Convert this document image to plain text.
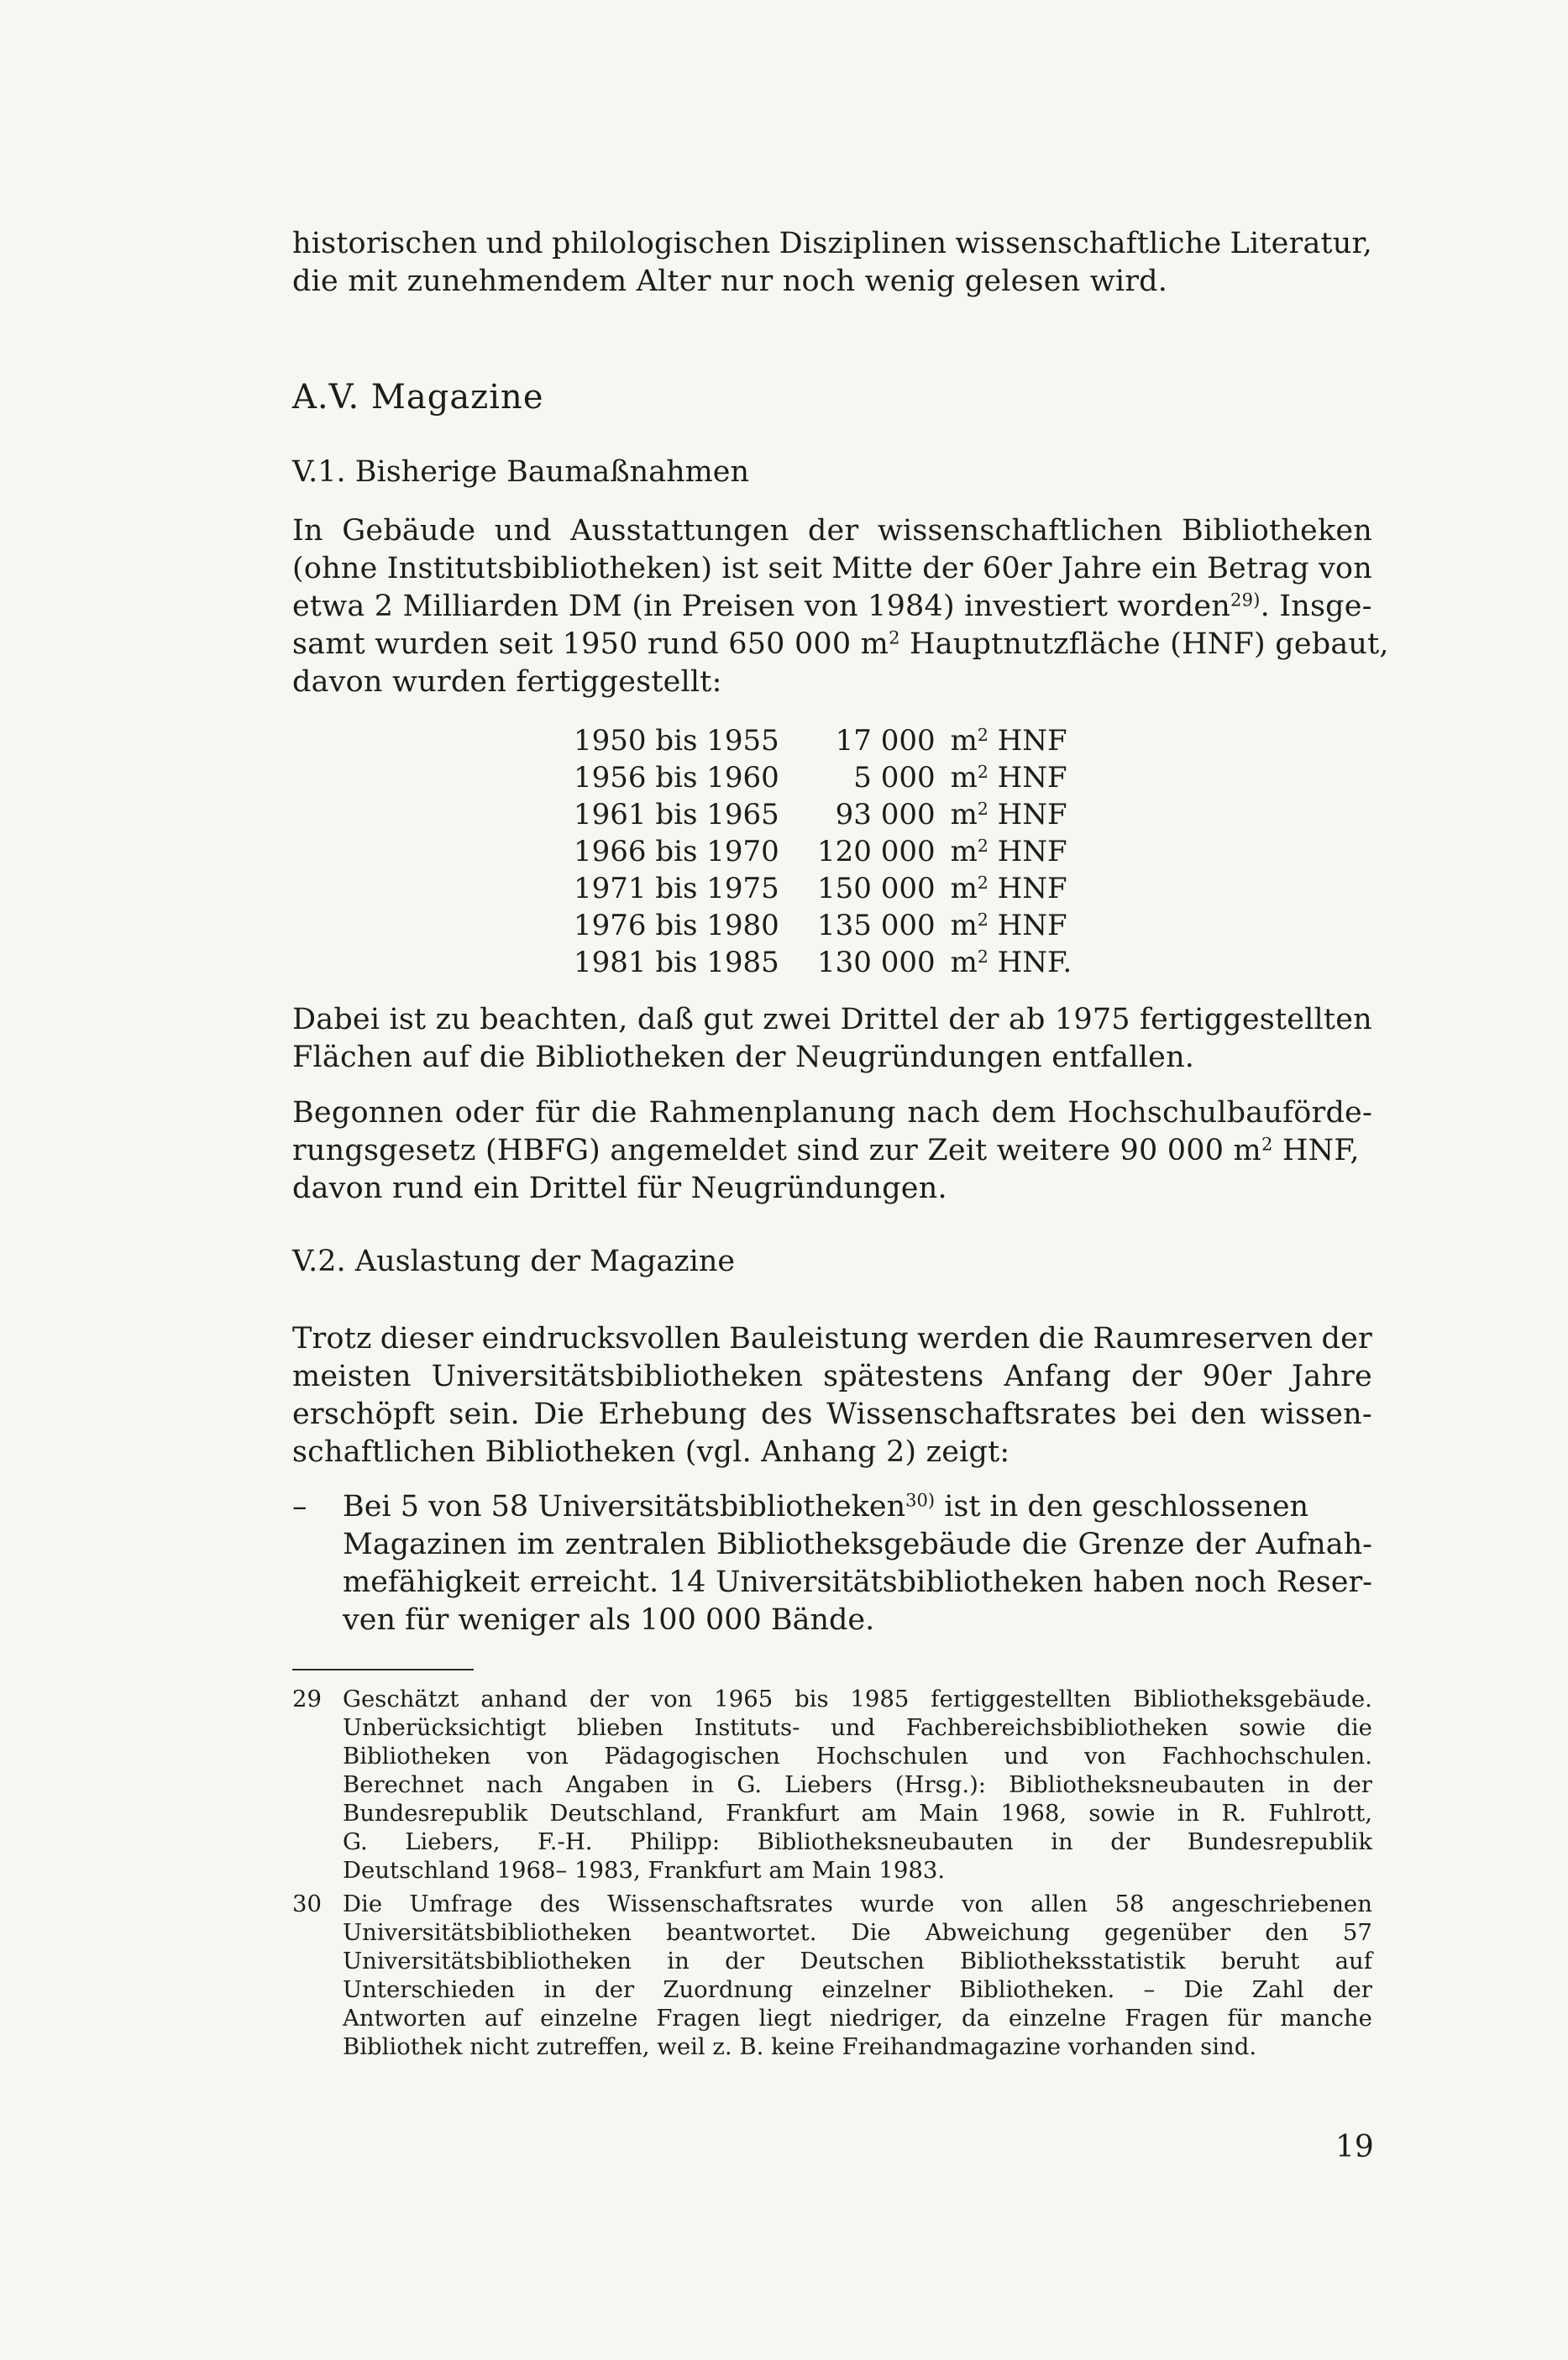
historischen und philologischen Disziplinen wissenschaftliche Literatur,
die mit zunehmendem Alter nur noch wenig gelesen wird.
A.V. Magazine
V.1. Bisherige Baumaßnahmen
In Gebäude und Ausstattungen der wissenschaftlichen Bibliotheken
(ohne Institutsbibliotheken) ist seit Mitte der 60er Jahre ein Betrag von
etwa 2 Milliarden DM (in Preisen von 1984) investiert worden$^{29)}$. Insge-
samt wurden seit 1950 rund 650 000 $m^2$ Hauptnutzfläche (HNF) gebaut,
davon wurden fertiggestellt:
1950 bis 1955	17 000	$m^2$ HNF
1956 bis 1960	5 000	$m^2$ HNF
1961 bis 1965	93 000	$m^2$ HNF
1966 bis 1970	120 000	$m^2$ HNF
1971 bis 1975	150 000	$m^2$ HNF
1976 bis 1980	135 000	$m^2$ HNF
1981 bis 1985	130 000	$m^2$ HNF.
Dabei ist zu beachten, daß gut zwei Drittel der ab 1975 fertiggestellten
Flächen auf die Bibliotheken der Neugründungen entfallen.
Begonnen oder für die Rahmenplanung nach dem Hochschulbauförde-
rungsgesetz (HBFG) angemeldet sind zur Zeit weitere 90 000 $m^2$ HNF,
davon rund ein Drittel für Neugründungen.
V.2. Auslastung der Magazine
Trotz dieser eindrucksvollen Bauleistung werden die Raumreserven der
meisten Universitätsbibliotheken spätestens Anfang der 90er Jahre
erschöpft sein. Die Erhebung des Wissenschaftsrates bei den wissen-
schaftlichen Bibliotheken (vgl. Anhang 2) zeigt:
– Bei 5 von 58 Universitätsbibliotheken$^{30)}$ ist in den geschlossenen
Magazinen im zentralen Bibliotheksgebäude die Grenze der Aufnah-
mefähigkeit erreicht. 14 Universitätsbibliotheken haben noch Reser-
ven für weniger als 100 000 Bände.
29 Geschätzt anhand der von 1965 bis 1985 fertiggestellten Bibliotheksgebäude.
Unberücksichtigt blieben Instituts- und Fachbereichsbibliotheken sowie die
Bibliotheken von Pädagogischen Hochschulen und von Fachhochschulen.
Berechnet nach Angaben in G. Liebers (Hrsg.): Bibliotheksneubauten in der
Bundesrepublik Deutschland, Frankfurt am Main 1968, sowie in R. Fuhlrott,
G. Liebers, F.-H. Philipp: Bibliotheksneubauten in der Bundesrepublik
Deutschland 1968– 1983, Frankfurt am Main 1983.
30 Die Umfrage des Wissenschaftsrates wurde von allen 58 angeschriebenen
Universitätsbibliotheken beantwortet. Die Abweichung gegenüber den 57
Universitätsbibliotheken in der Deutschen Bibliotheksstatistik beruht auf
Unterschieden in der Zuordnung einzelner Bibliotheken. – Die Zahl der
Antworten auf einzelne Fragen liegt niedriger, da einzelne Fragen für manche
Bibliothek nicht zutreffen, weil z. B. keine Freihandmagazine vorhanden sind.
19
